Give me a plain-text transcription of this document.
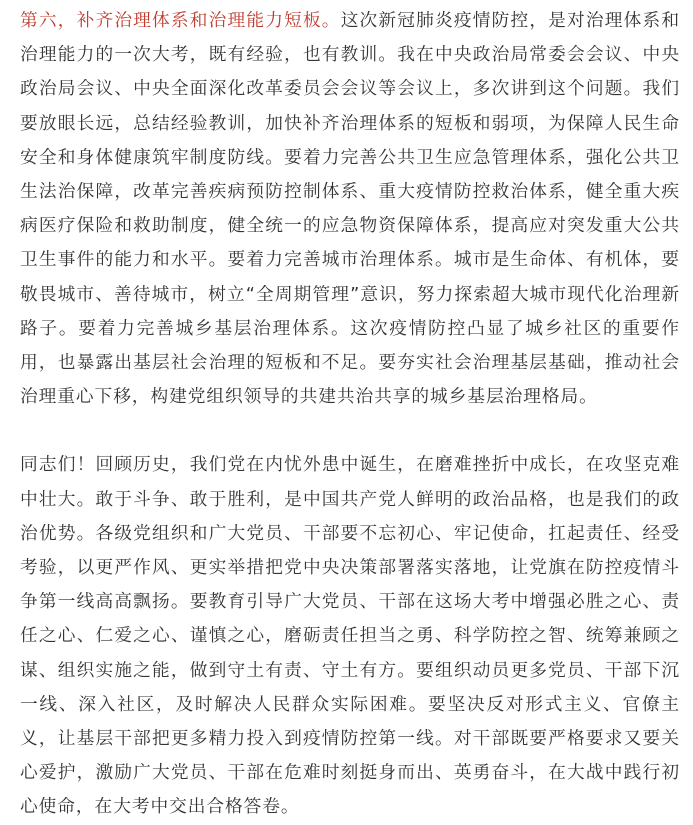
第六，补齐治理体系和治理能力短板。这次新冠肺炎疫情防控，是对治理体系和治理能力的一次大考，既有经验，也有教训。我在中央政治局常委会会议、中央政治局会议、中央全面深化改革委员会会议等会议上，多次讲到这个问题。我们要放眼长远，总结经验教训，加快补齐治理体系的短板和弱项，为保障人民生命安全和身体健康筑牢制度防线。要着力完善公共卫生应急管理体系，强化公共卫生法治保障，改革完善疾病预防控制体系、重大疫情防控救治体系，健全重大疾病医疗保险和救助制度，健全统一的应急物资保障体系，提高应对突发重大公共卫生事件的能力和水平。要着力完善城市治理体系。城市是生命体、有机体，要敬畏城市、善待城市，树立“全周期管理”意识，努力探索超大城市现代化治理新路子。要着力完善城乡基层治理体系。这次疫情防控凸显了城乡社区的重要作用，也暴露出基层社会治理的短板和不足。要夯实社会治理基层基础，推动社会治理重心下移，构建党组织领导的共建共治共享的城乡基层治理格局。

同志们！回顾历史，我们党在内忧外患中诞生，在磨难挫折中成长，在攻坚克难中壮大。敢于斗争、敢于胜利，是中国共产党人鲜明的政治品格，也是我们的政治优势。各级党组织和广大党员、干部要不忘初心、牢记使命，扛起责任、经受考验，以更严作风、更实举措把党中央决策部署落实落地，让党旗在防控疫情斗争第一线高高飘扬。要教育引导广大党员、干部在这场大考中增强必胜之心、责任之心、仁爱之心、谨慎之心，磨砺责任担当之勇、科学防控之智、统筹兼顾之谋、组织实施之能，做到守土有责、守土有方。要组织动员更多党员、干部下沉一线、深入社区，及时解决人民群众实际困难。要坚决反对形式主义、官僚主义，让基层干部把更多精力投入到疫情防控第一线。对干部既要严格要求又要关心爱护，激励广大党员、干部在危难时刻挺身而出、英勇奋斗，在大战中践行初心使命，在大考中交出合格答卷。
